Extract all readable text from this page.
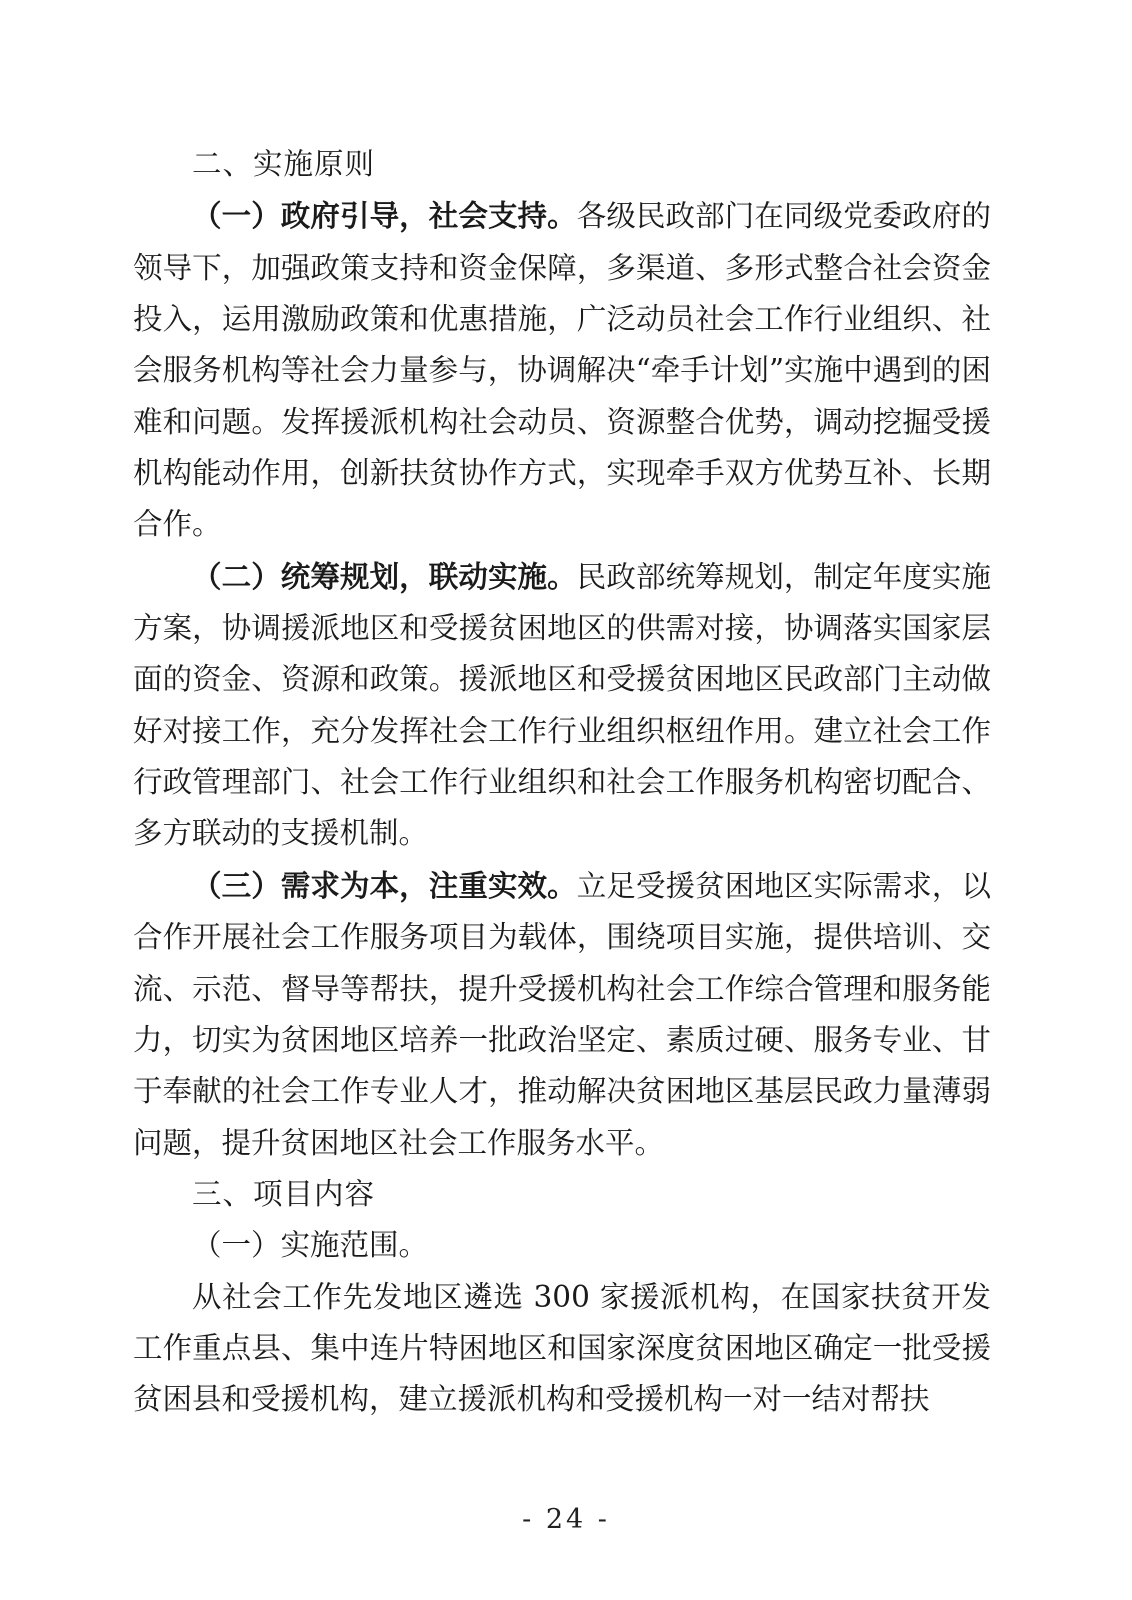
二、实施原则

（一）政府引导，社会支持。各级民政部门在同级党委政府的领导下，加强政策支持和资金保障，多渠道、多形式整合社会资金投入，运用激励政策和优惠措施，广泛动员社会工作行业组织、社会服务机构等社会力量参与，协调解决“牵手计划”实施中遇到的困难和问题。发挥援派机构社会动员、资源整合优势，调动挖掘受援机构能动作用，创新扶贫协作方式，实现牵手双方优势互补、长期合作。

（二）统筹规划，联动实施。民政部统筹规划，制定年度实施方案，协调援派地区和受援贫困地区的供需对接，协调落实国家层面的资金、资源和政策。援派地区和受援贫困地区民政部门主动做好对接工作，充分发挥社会工作行业组织枢纽作用。建立社会工作行政管理部门、社会工作行业组织和社会工作服务机构密切配合、多方联动的支援机制。

（三）需求为本，注重实效。立足受援贫困地区实际需求，以合作开展社会工作服务项目为载体，围绕项目实施，提供培训、交流、示范、督导等帮扶，提升受援机构社会工作综合管理和服务能力，切实为贫困地区培养一批政治坚定、素质过硬、服务专业、甘于奉献的社会工作专业人才，推动解决贫困地区基层民政力量薄弱问题，提升贫困地区社会工作服务水平。

三、项目内容
（一）实施范围。

从社会工作先发地区遴选 300 家援派机构，在国家扶贫开发工作重点县、集中连片特困地区和国家深度贫困地区确定一批受援贫困县和受援机构，建立援派机构和受援机构一对一结对帮扶

- 24 -
